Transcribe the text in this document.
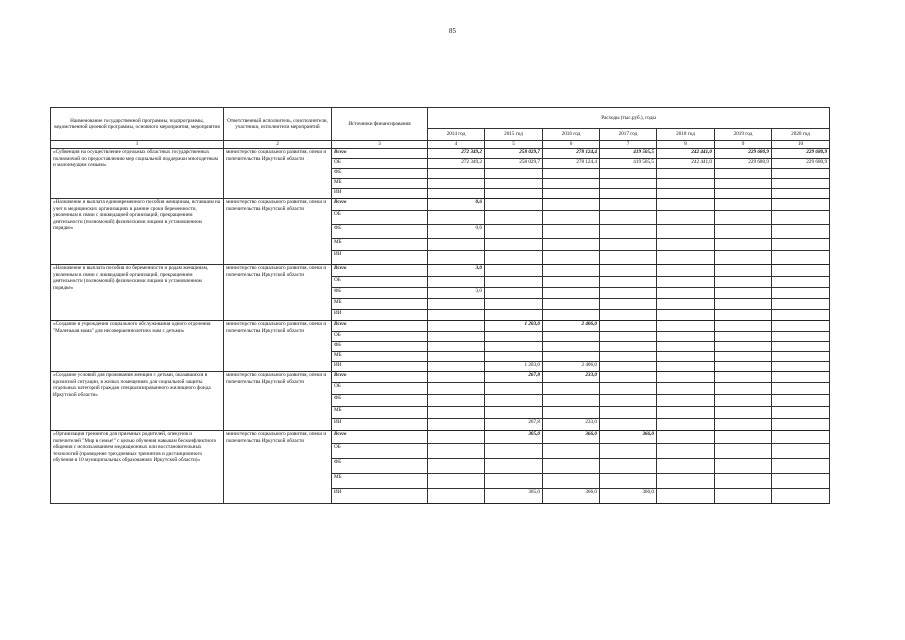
85
Наименование государственной программы, подпрограммы, ведомственной целевой программы, основного мероприятия, мероприятия	Ответственный исполнитель, соисполнители, участники, исполнители мероприятий	Источники финансирования	Расходы (тыс.руб.), годы						
			2014 год	2015 год	2016 год	2017 год	2018 год	2019 год	2020 год
1	2	3	4	5	6	7	8	9	10
«Субвенция на осуществление отдельных областных государственных полномочий по предоставлению мер социальной поддержки многодетным и малоимущим семьям»	министерство социального развития, опеки и попечительства Иркутской области	Всего	272 349,2	258 029,7	278 124,4	419 505,5	242 441,0	229 680,9	229 680,9
		ОБ	272 349,2	258 029,7	278 124,4	419 505,5	242 441,0	229 680,9	229 680,9
		ФБ							
		МБ							
		ИИ							
«Назначение и выплата единовременного пособия женщинам, вставшим на учет в медицинских организациях в ранние сроки беременности, уволенным в связи с ликвидацией организаций, прекращением деятельности (полномочий) физическими лицами в установленном порядке»	министерство социального развития, опеки и попечительства Иркутской области	Всего	0,6						
		ОБ							
		ФБ	0,6						
		МБ							
		ИИ							
«Назначение и выплата пособия по беременности и родам женщинам, уволенным в связи с ликвидацией организаций, прекращением деятельности (полномочий) физическими лицами в установленном порядке»	министерство социального развития, опеки и попечительства Иркутской области	Всего	3,0						
		ОБ							
		ФБ	3,0						
		МБ							
		ИИ							
«Создание в учреждении социального обслуживания одного отделения "Маленькая мама" для несовершеннолетних мам с детьми»	министерство социального развития, опеки и попечительства Иркутской области	Всего		1 203,0	2 406,0				
		ОБ							
		ФБ							
		МБ							
		ИИ		1 203,0	2 406,0				
«Создание условий для проживания женщин с детьми, оказавшихся в кризисной ситуации, в жилых помещениях для социальной защиты отдельных категорий граждан специализированного жилищного фонда Иркутской области»	министерство социального развития, опеки и попечительства Иркутской области	Всего		267,8	233,0				
		ОБ							
		ФБ							
		МБ							
		ИИ		267,8	233,0				
«Организация тренингов для приемных родителей, опекунов и попечителей "Мир в семье!" с целью обучения навыкам бесконфликтного общения с использованием медиационных или восстановительных технологий (проведение трехдневных тренингов и дистанционного обучения в 10 муниципальных образованиях Иркутской области)»	министерство социального развития, опеки и попечительства Иркутской области	Всего		305,0	366,0	366,0			
		ОБ							
		ФБ							
		МБ							
		ИИ		305,0	366,0	366,0			
